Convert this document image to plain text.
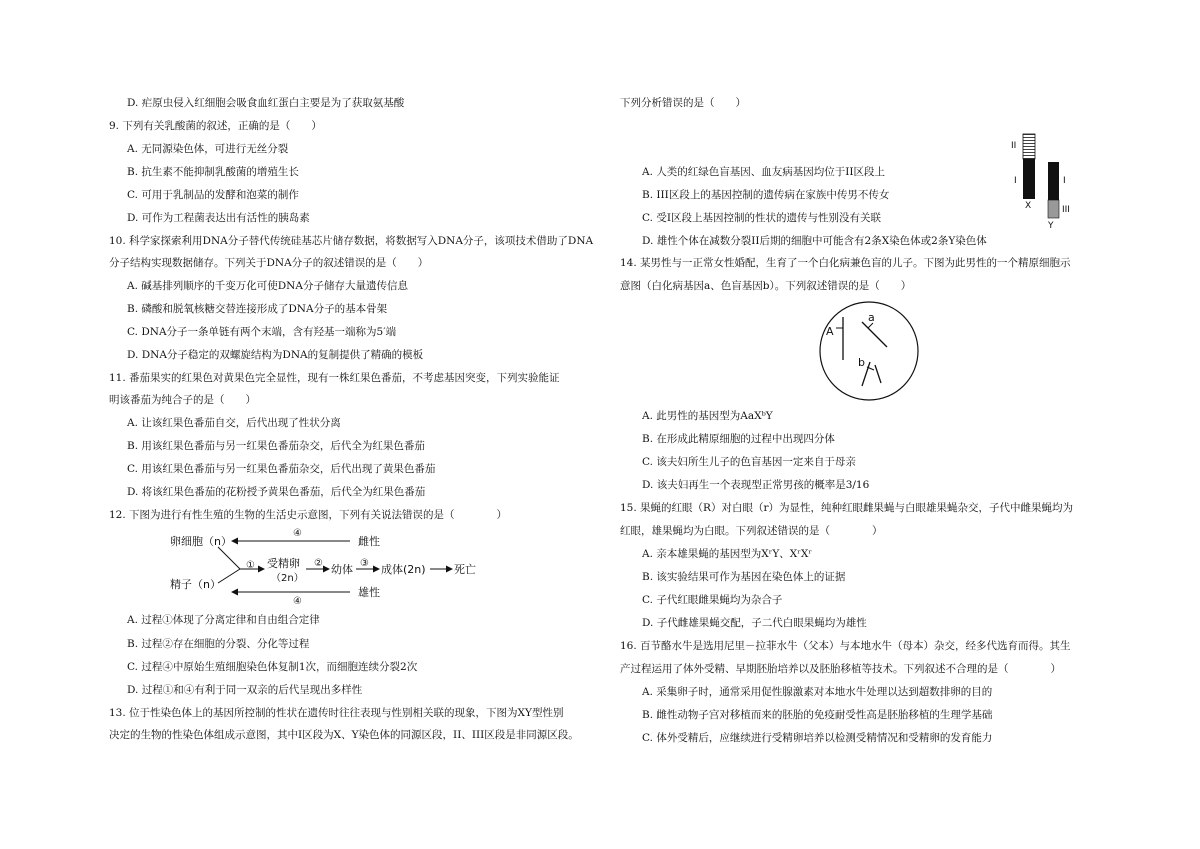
D. 疟原虫侵入红细胞会吸食血红蛋白主要是为了获取氨基酸
9. 下列有关乳酸菌的叙述，正确的是（　　）
A. 无同源染色体，可进行无丝分裂
B. 抗生素不能抑制乳酸菌的增殖生长
C. 可用于乳制品的发酵和泡菜的制作
D. 可作为工程菌表达出有活性的胰岛素
10. 科学家探索利用DNA分子替代传统硅基芯片储存数据，将数据写入DNA分子，该项技术借助了DNA
分子结构实现数据储存。下列关于DNA分子的叙述错误的是（　　）
A. 碱基排列顺序的千变万化可使DNA分子储存大量遗传信息
B. 磷酸和脱氧核糖交替连接形成了DNA分子的基本骨架
C. DNA分子一条单链有两个末端，含有羟基一端称为5′端
D. DNA分子稳定的双螺旋结构为DNA的复制提供了精确的模板
11. 番茄果实的红果色对黄果色完全显性，现有一株红果色番茄，不考虑基因突变，下列实验能证
明该番茄为纯合子的是（　　）
A. 让该红果色番茄自交，后代出现了性状分离
B. 用该红果色番茄与另一红果色番茄杂交，后代全为红果色番茄
C. 用该红果色番茄与另一红果色番茄杂交，后代出现了黄果色番茄
D. 将该红果色番茄的花粉授予黄果色番茄，后代全为红果色番茄
12. 下图为进行有性生殖的生物的生活史示意图，下列有关说法错误的是（　　　　）
卵细胞（n）	雌性
④
① 受精卵
（2n）
② 幼体 ③ 成体(2n)	死亡
精子（n）
④
雄性
A. 过程①体现了分离定律和自由组合定律
B. 过程②存在细胞的分裂、分化等过程
C. 过程④中原始生殖细胞染色体复制1次，而细胞连续分裂2次
D. 过程①和④有利于同一双亲的后代呈现出多样性
13. 位于性染色体上的基因所控制的性状在遗传时往往表现与性别相关联的现象，下图为XY型性别
决定的生物的性染色体组成示意图，其中I区段为X、Y染色体的同源区段，II、III区段是非同源区段。
下列分析错误的是（　　）
II
I
X
I
III
Y
A. 人类的红绿色盲基因、血友病基因均位于II区段上
B. III区段上的基因控制的遗传病在家族中传男不传女
C. 受I区段上基因控制的性状的遗传与性别没有关联
D. 雄性个体在减数分裂II后期的细胞中可能含有2条X染色体或2条Y染色体
14. 某男性与一正常女性婚配，生育了一个白化病兼色盲的儿子。下图为此男性的一个精原细胞示
意图（白化病基因a、色盲基因b）。下列叙述错误的是（　　）
A
a
b
A. 此男性的基因型为AaXᵇY
B. 在形成此精原细胞的过程中出现四分体
C. 该夫妇所生儿子的色盲基因一定来自于母亲
D. 该夫妇再生一个表现型正常男孩的概率是3/16
15. 果蝇的红眼（R）对白眼（r）为显性，纯种红眼雌果蝇与白眼雄果蝇杂交，子代中雌果蝇均为
红眼，雄果蝇均为白眼。下列叙述错误的是（　　　　）
A. 亲本雄果蝇的基因型为XʳY、XʳXʳ
B. 该实验结果可作为基因在染色体上的证据
C. 子代红眼雌果蝇均为杂合子
D. 子代雌雄果蝇交配，子二代白眼果蝇均为雄性
16. 百节酪水牛是选用尼里－拉菲水牛（父本）与本地水牛（母本）杂交，经多代选育而得。其生
产过程运用了体外受精、早期胚胎培养以及胚胎移植等技术。下列叙述不合理的是（　　　　）
A. 采集卵子时，通常采用促性腺激素对本地水牛处理以达到超数排卵的目的
B. 雌性动物子宫对移植而来的胚胎的免疫耐受性高是胚胎移植的生理学基础
C. 体外受精后，应继续进行受精卵培养以检测受精情况和受精卵的发育能力
